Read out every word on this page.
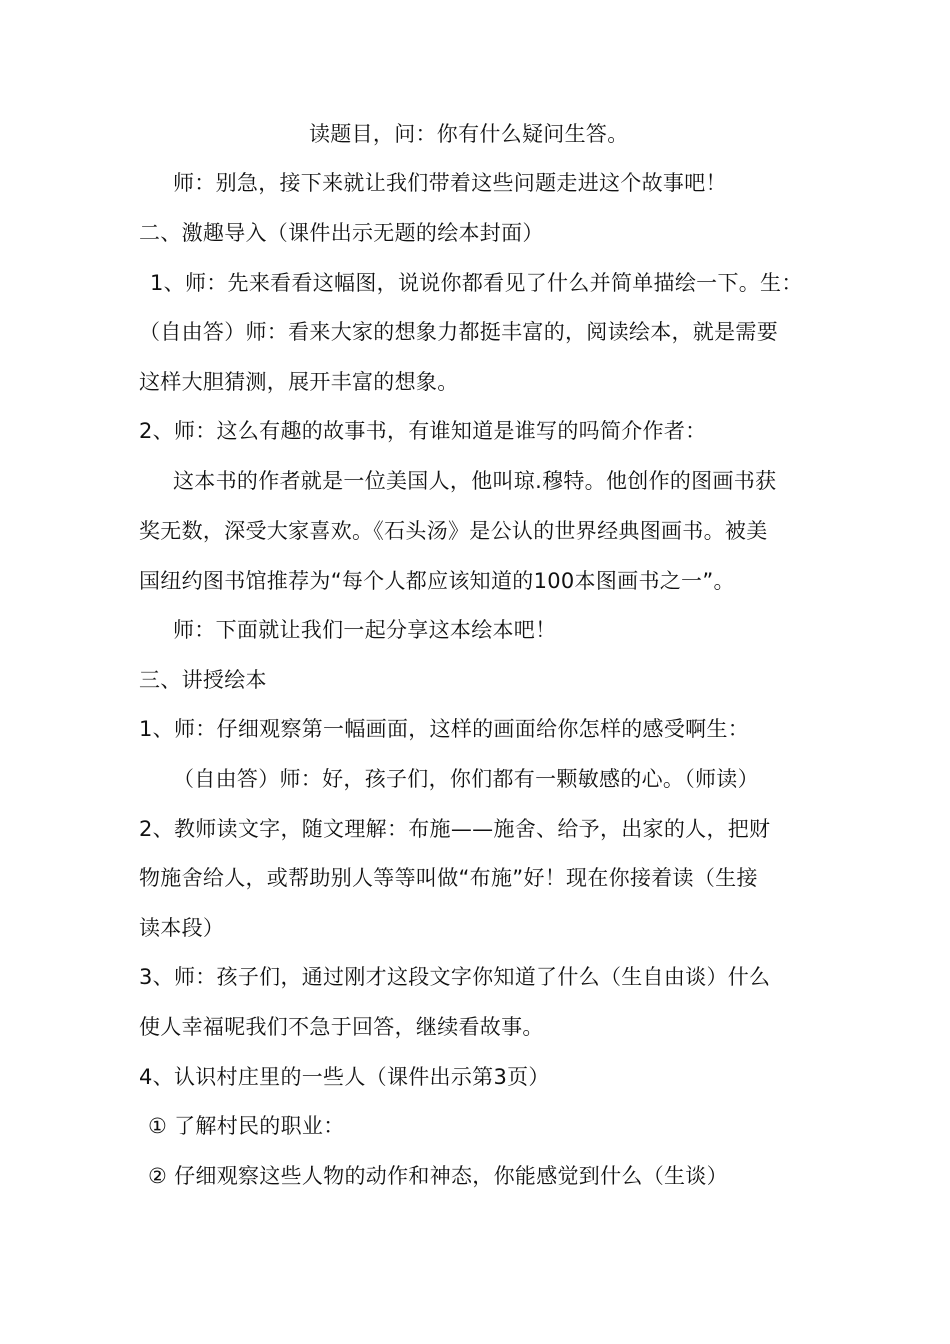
读题目，问：你有什么疑问生答。
师：别急，接下来就让我们带着这些问题走进这个故事吧！
二、激趣导入（课件出示无题的绘本封面）
1、师：先来看看这幅图，说说你都看见了什么并简单描绘一下。生：
（自由答）师：看来大家的想象力都挺丰富的，阅读绘本，就是需要
这样大胆猜测，展开丰富的想象。
2、师：这么有趣的故事书，有谁知道是谁写的吗简介作者：
这本书的作者就是一位美国人，他叫琼.穆特。他创作的图画书获
奖无数，深受大家喜欢。《石头汤》是公认的世界经典图画书。被美
国纽约图书馆推荐为“每个人都应该知道的100本图画书之一”。
师：下面就让我们一起分享这本绘本吧！
三、讲授绘本
1、师：仔细观察第一幅画面，这样的画面给你怎样的感受啊生：
（自由答）师：好，孩子们，你们都有一颗敏感的心。（师读）
2、教师读文字，随文理解：布施——施舍、给予，出家的人，把财
物施舍给人，或帮助别人等等叫做“布施”好！现在你接着读（生接
读本段）
3、师：孩子们，通过刚才这段文字你知道了什么（生自由谈）什么
使人幸福呢我们不急于回答，继续看故事。
4、认识村庄里的一些人（课件出示第3页）
① 了解村民的职业：
② 仔细观察这些人物的动作和神态，你能感觉到什么（生谈）
